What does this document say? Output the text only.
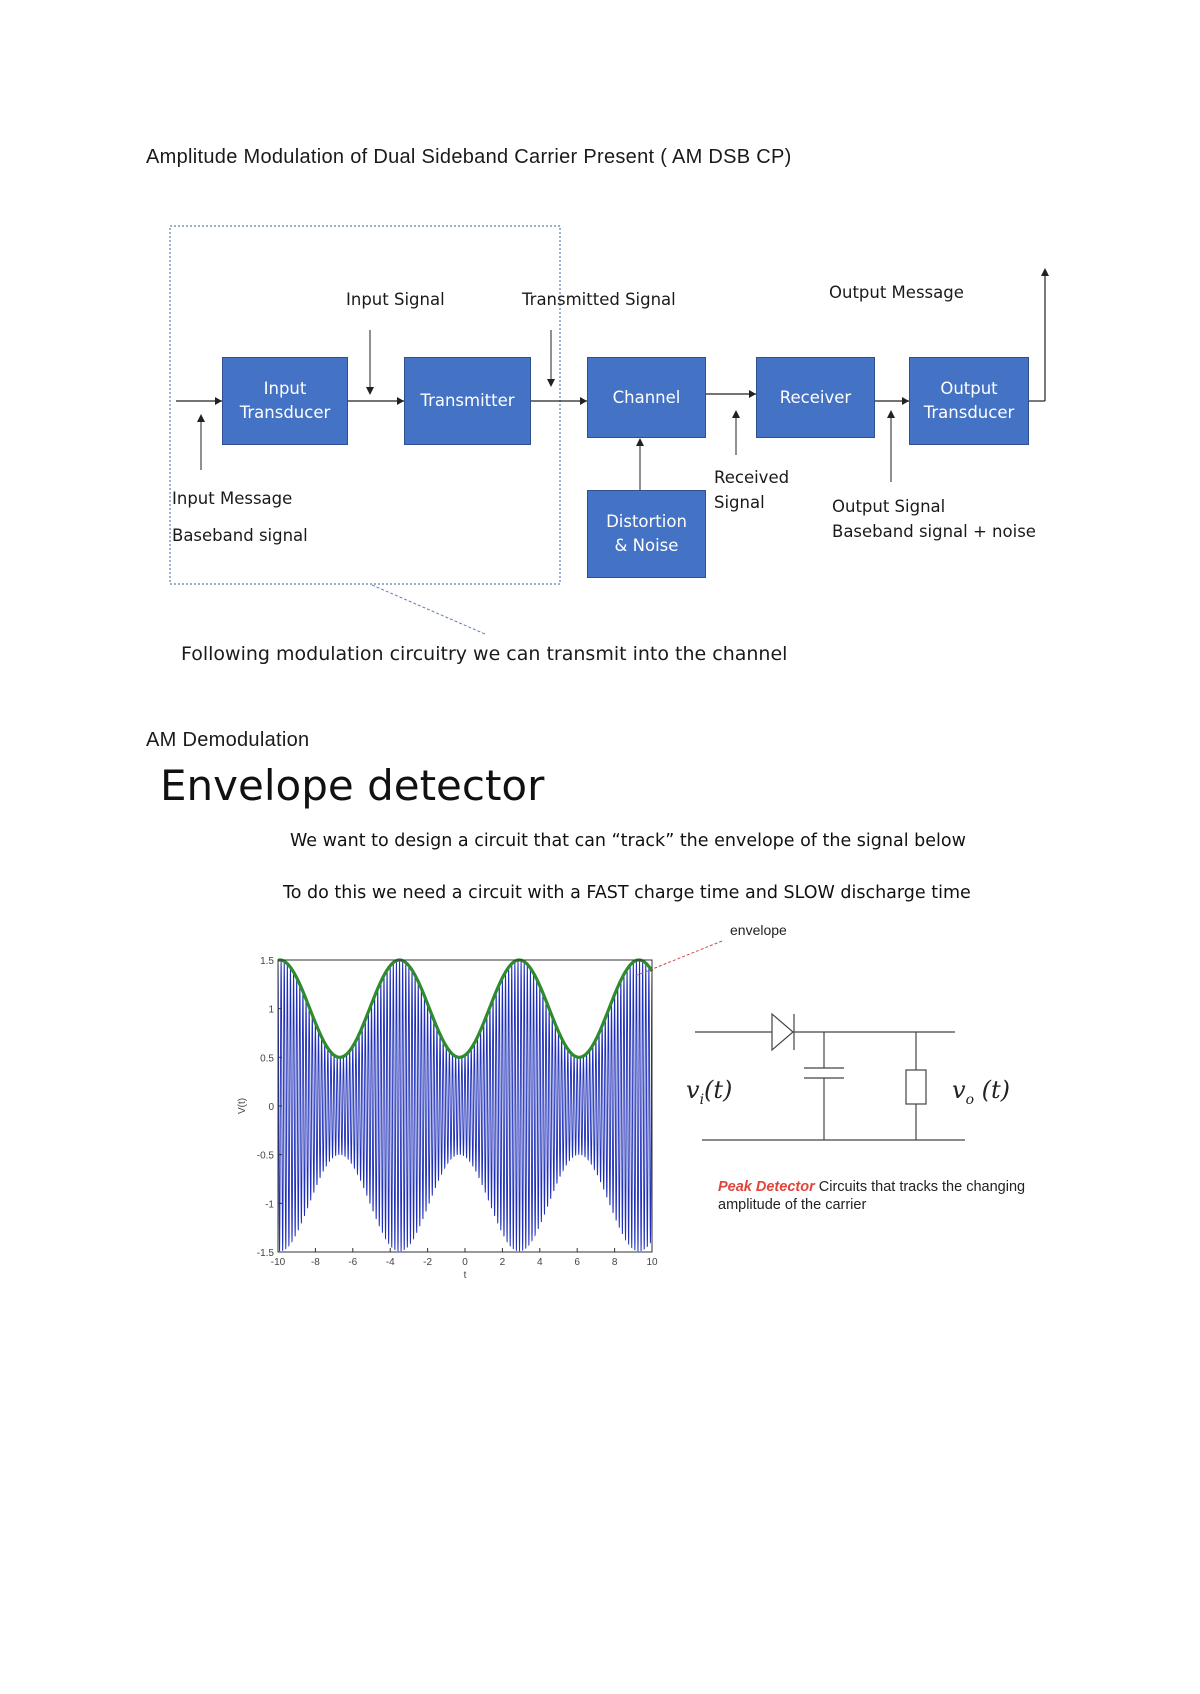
Amplitude Modulation of Dual Sideband Carrier Present ( AM DSB CP)
Input
Transducer
Transmitter	Channel	Receiver	Output
Transducer
Distortion
& Noise
Input Signal	Transmitted Signal	Output Message
Input Message
Baseband signal
Received
Signal	Output Signal
Baseband signal + noise
Following modulation circuitry we can transmit into the channel
AM Demodulation
Envelope detector
We want to design a circuit that can “track” the envelope of the signal below
To do this we need a circuit with a FAST charge time and SLOW discharge time
-10	-8	-6	-4	-2	0	2	4	6	8	10
1.5
1
0.5
0
-0.5
-1
-1.5
t
V(t)
envelope
$v_i(t)$	$v_o$ (t)
Peak Detector Circuits that tracks the changing
amplitude of the carrier
